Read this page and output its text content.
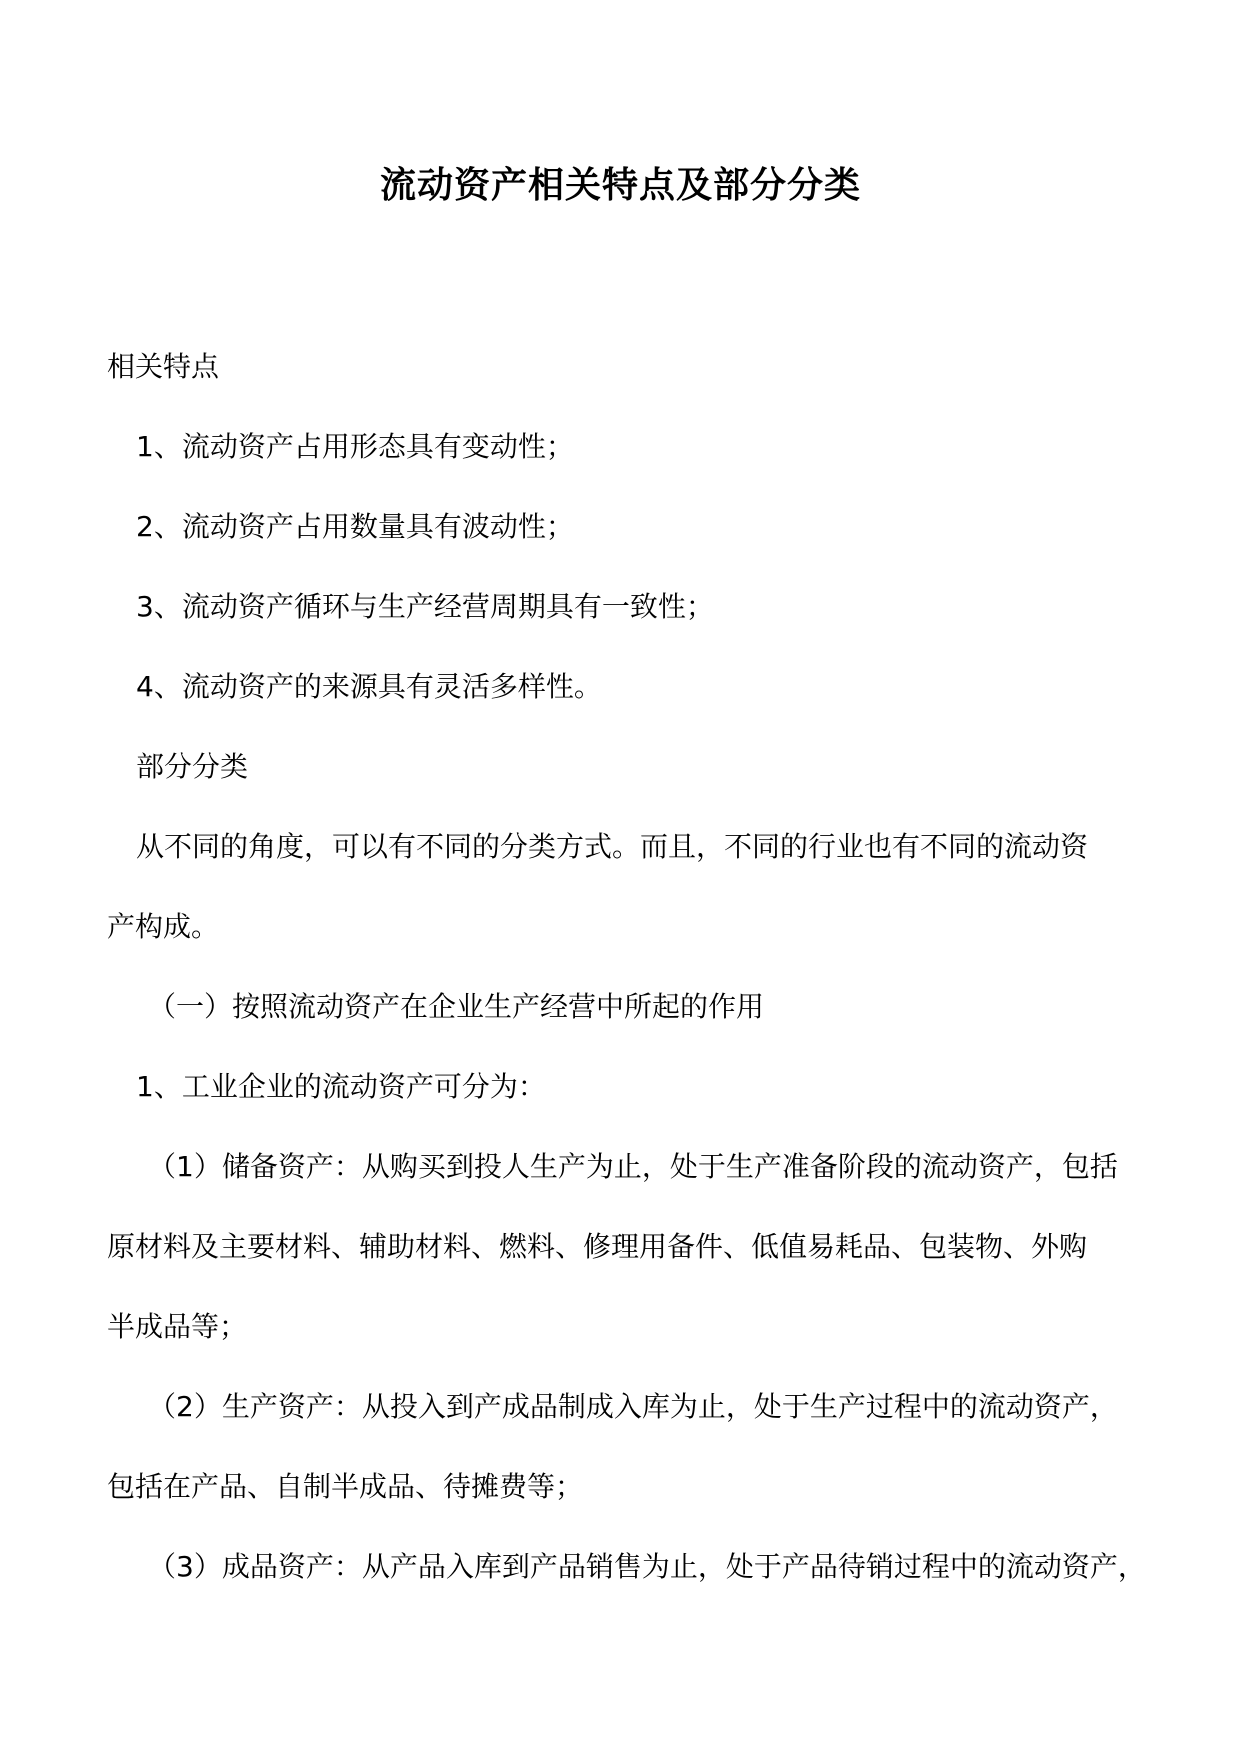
流动资产相关特点及部分分类

相关特点

1、流动资产占用形态具有变动性；

2、流动资产占用数量具有波动性；

3、流动资产循环与生产经营周期具有一致性；

4、流动资产的来源具有灵活多样性。

部分分类

从不同的角度，可以有不同的分类方式。而且，不同的行业也有不同的流动资

产构成。

（一）按照流动资产在企业生产经营中所起的作用

1、工业企业的流动资产可分为：

（1）储备资产：从购买到投人生产为止，处于生产准备阶段的流动资产，包括

原材料及主要材料、辅助材料、燃料、修理用备件、低值易耗品、包装物、外购

半成品等；

（2）生产资产：从投入到产成品制成入库为止，处于生产过程中的流动资产，

包括在产品、自制半成品、待摊费等；

（3）成品资产：从产品入库到产品销售为止，处于产品待销过程中的流动资产，
